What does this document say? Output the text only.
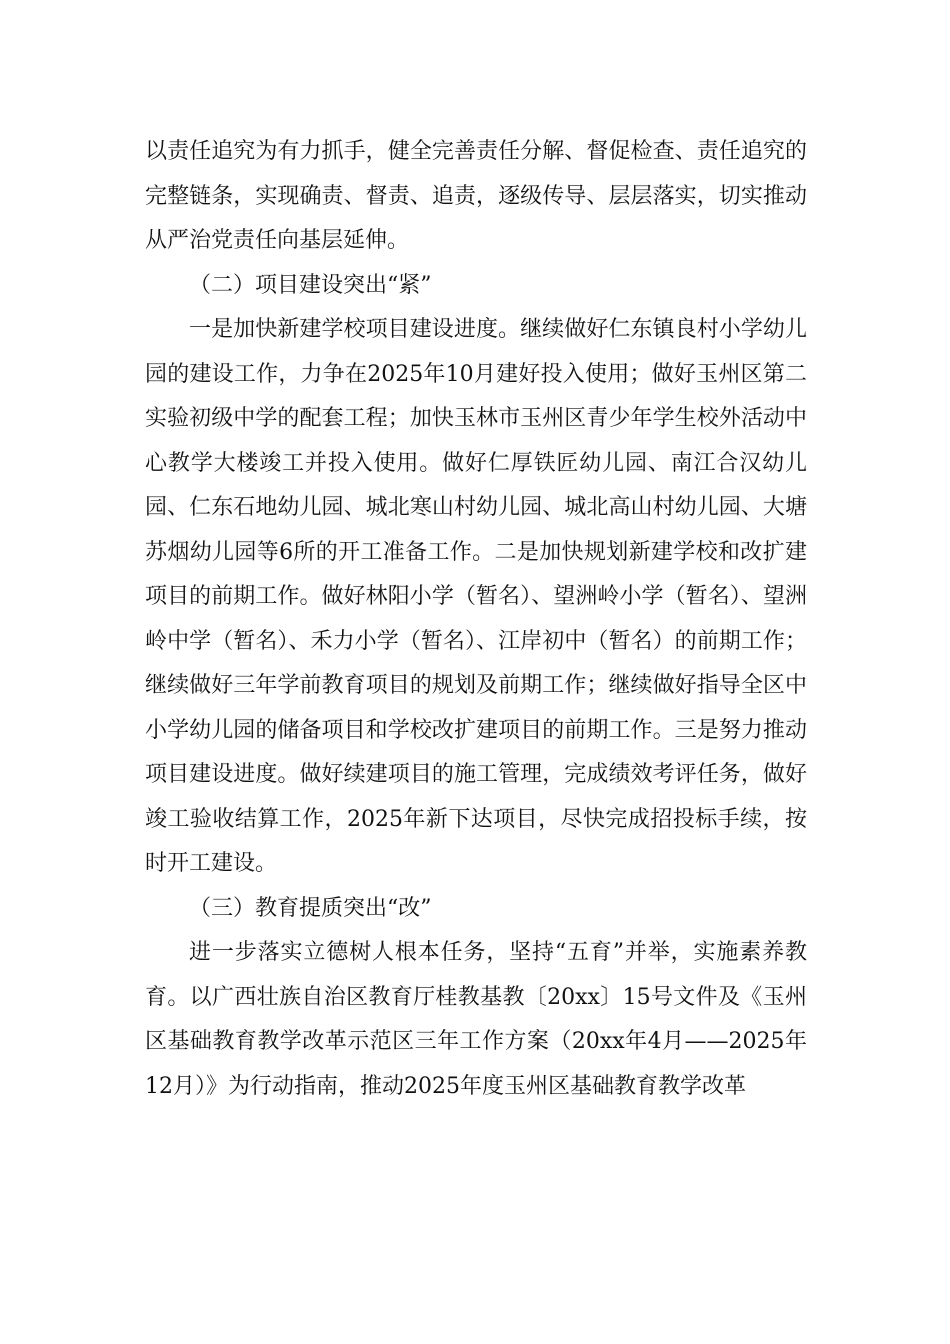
以责任追究为有力抓手，健全完善责任分解、督促检查、责任追究的完整链条，实现确责、督责、追责，逐级传导、层层落实，切实推动从严治党责任向基层延伸。

（二）项目建设突出“紧”

一是加快新建学校项目建设进度。继续做好仁东镇良村小学幼儿园的建设工作，力争在2025年10月建好投入使用；做好玉州区第二实验初级中学的配套工程；加快玉林市玉州区青少年学生校外活动中心教学大楼竣工并投入使用。做好仁厚铁匠幼儿园、南江合汉幼儿园、仁东石地幼儿园、城北寒山村幼儿园、城北高山村幼儿园、大塘苏烟幼儿园等6所的开工准备工作。二是加快规划新建学校和改扩建项目的前期工作。做好林阳小学（暂名）、望洲岭小学（暂名）、望洲岭中学（暂名）、禾力小学（暂名）、江岸初中（暂名）的前期工作；继续做好三年学前教育项目的规划及前期工作；继续做好指导全区中小学幼儿园的储备项目和学校改扩建项目的前期工作。三是努力推动项目建设进度。做好续建项目的施工管理，完成绩效考评任务，做好竣工验收结算工作，2025年新下达项目，尽快完成招投标手续，按时开工建设。

（三）教育提质突出“改”

进一步落实立德树人根本任务，坚持“五育”并举，实施素养教育。以广西壮族自治区教育厅桂教基教〔20xx〕15号文件及《玉州区基础教育教学改革示范区三年工作方案（20xx年4月——2025年12月）》为行动指南，推动2025年度玉州区基础教育教学改革
